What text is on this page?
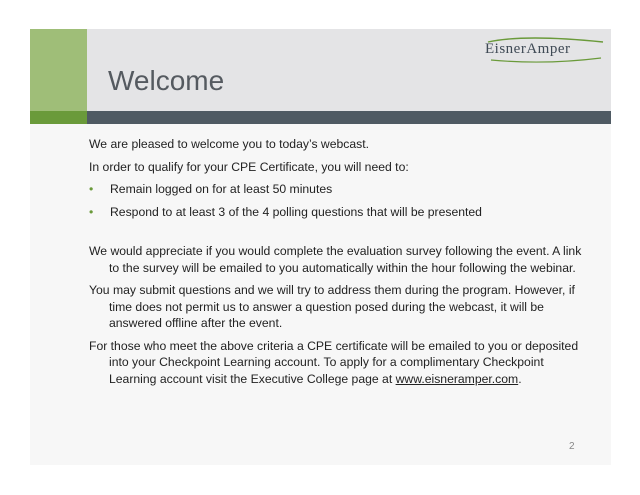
EisnerAmper
Welcome

We are pleased to welcome you to today’s webcast.

In order to qualify for your CPE Certificate, you will need to:

• Remain logged on for at least 50 minutes
• Respond to at least 3 of the 4 polling questions that will be presented

We would appreciate if you would complete the evaluation survey following the event. A link to the survey will be emailed to you automatically within the hour following the webinar.

You may submit questions and we will try to address them during the program. However, if time does not permit us to answer a question posed during the webcast, it will be answered offline after the event.

For those who meet the above criteria a CPE certificate will be emailed to you or deposited into your Checkpoint Learning account. To apply for a complimentary Checkpoint Learning account visit the Executive College page at www.eisneramper.com.

2
